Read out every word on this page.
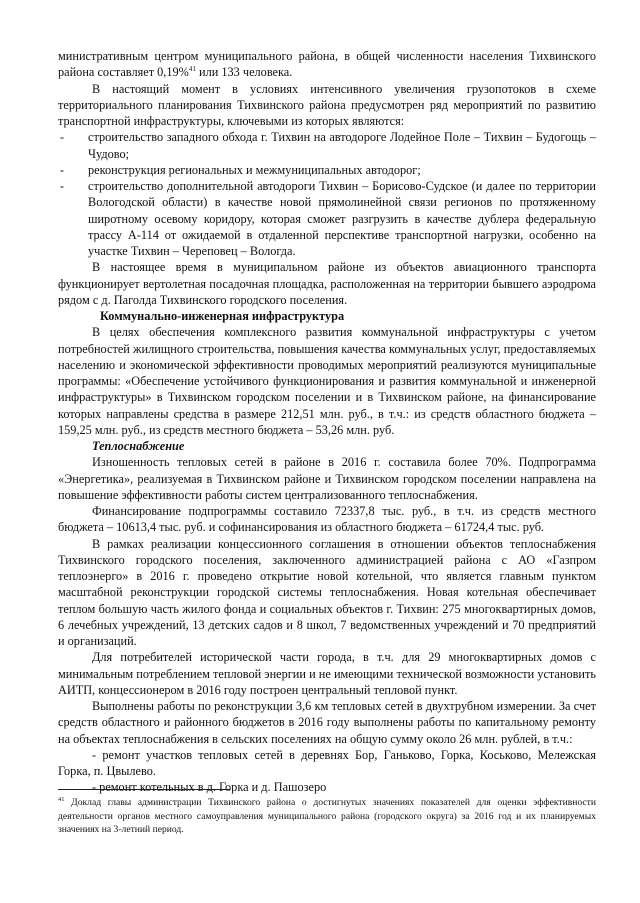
министративным центром муниципального района, в общей численности населения Тихвинского района составляет 0,19%$^{41}$ или 133 человека.

В настоящий момент в условиях интенсивного увеличения грузопотоков в схеме территориального планирования Тихвинского района предусмотрен ряд мероприятий по развитию транспортной инфраструктуры, ключевыми из которых являются:

- строительство западного обхода г. Тихвин на автодороге Лодейное Поле – Тихвин – Будогощь – Чудово;
- реконструкция региональных и межмуниципальных автодорог;
- строительство дополнительной автодороги Тихвин – Борисово-Судское (и далее по территории Вологодской области) в качестве новой прямолинейной связи регионов по протяженному широтному осевому коридору, которая сможет разгрузить в качестве дублера федеральную трассу А-114 от ожидаемой в отдаленной перспективе транспортной нагрузки, особенно на участке Тихвин – Череповец – Вологда.

В настоящее время в муниципальном районе из объектов авиационного транспорта функционирует вертолетная посадочная площадка, расположенная на территории бывшего аэродрома рядом с д. Паголда Тихвинского городского поселения.

Коммунально-инженерная инфраструктура

В целях обеспечения комплексного развития коммунальной инфраструктуры с учетом потребностей жилищного строительства, повышения качества коммунальных услуг, предоставляемых населению и экономической эффективности проводимых мероприятий реализуются муниципальные программы: «Обеспечение устойчивого функционирования и развития коммунальной и инженерной инфраструктуры» в Тихвинском городском поселении и в Тихвинском районе, на финансирование которых направлены средства в размере 212,51 млн. руб., в т.ч.: из средств областного бюджета – 159,25 млн. руб., из средств местного бюджета – 53,26 млн. руб.

Теплоснабжение

Изношенность тепловых сетей в районе в 2016 г. составила более 70%. Подпрограмма «Энергетика», реализуемая в Тихвинском районе и Тихвинском городском поселении направлена на повышение эффективности работы систем централизованного теплоснабжения.

Финансирование подпрограммы составило 72337,8 тыс. руб., в т.ч. из средств местного бюджета – 10613,4 тыс. руб. и софинансирования из областного бюджета – 61724,4 тыс. руб.

В рамках реализации концессионного соглашения в отношении объектов теплоснабжения Тихвинского городского поселения, заключенного администрацией района с АО «Газпром теплоэнерго» в 2016 г. проведено открытие новой котельной, что является главным пунктом масштабной реконструкции городской системы теплоснабжения. Новая котельная обеспечивает теплом большую часть жилого фонда и социальных объектов г. Тихвин: 275 многоквартирных домов, 6 лечебных учреждений, 13 детских садов и 8 школ, 7 ведомственных учреждений и 70 предприятий и организаций.

Для потребителей исторической части города, в т.ч. для 29 многоквартирных домов с минимальным потреблением тепловой энергии и не имеющими технической возможности установить АИТП, концессионером в 2016 году построен центральный тепловой пункт.

Выполнены работы по реконструкции 3,6 км тепловых сетей в двухтрубном измерении. За счет средств областного и районного бюджетов в 2016 году выполнены работы по капитальному ремонту на объектах теплоснабжения в сельских поселениях на общую сумму около 26 млн. рублей, в т.ч.:

- ремонт участков тепловых сетей в деревнях Бор, Ганьково, Горка, Коськово, Мележская Горка, п. Цвылево.

- ремонт котельных в д. Горка и д. Пашозеро

$^{41}$ Доклад главы администрации Тихвинского района о достигнутых значениях показателей для оценки эффективности деятельности органов местного самоуправления муниципального района (городского округа) за 2016 год и их планируемых значениях на 3-летний период.
